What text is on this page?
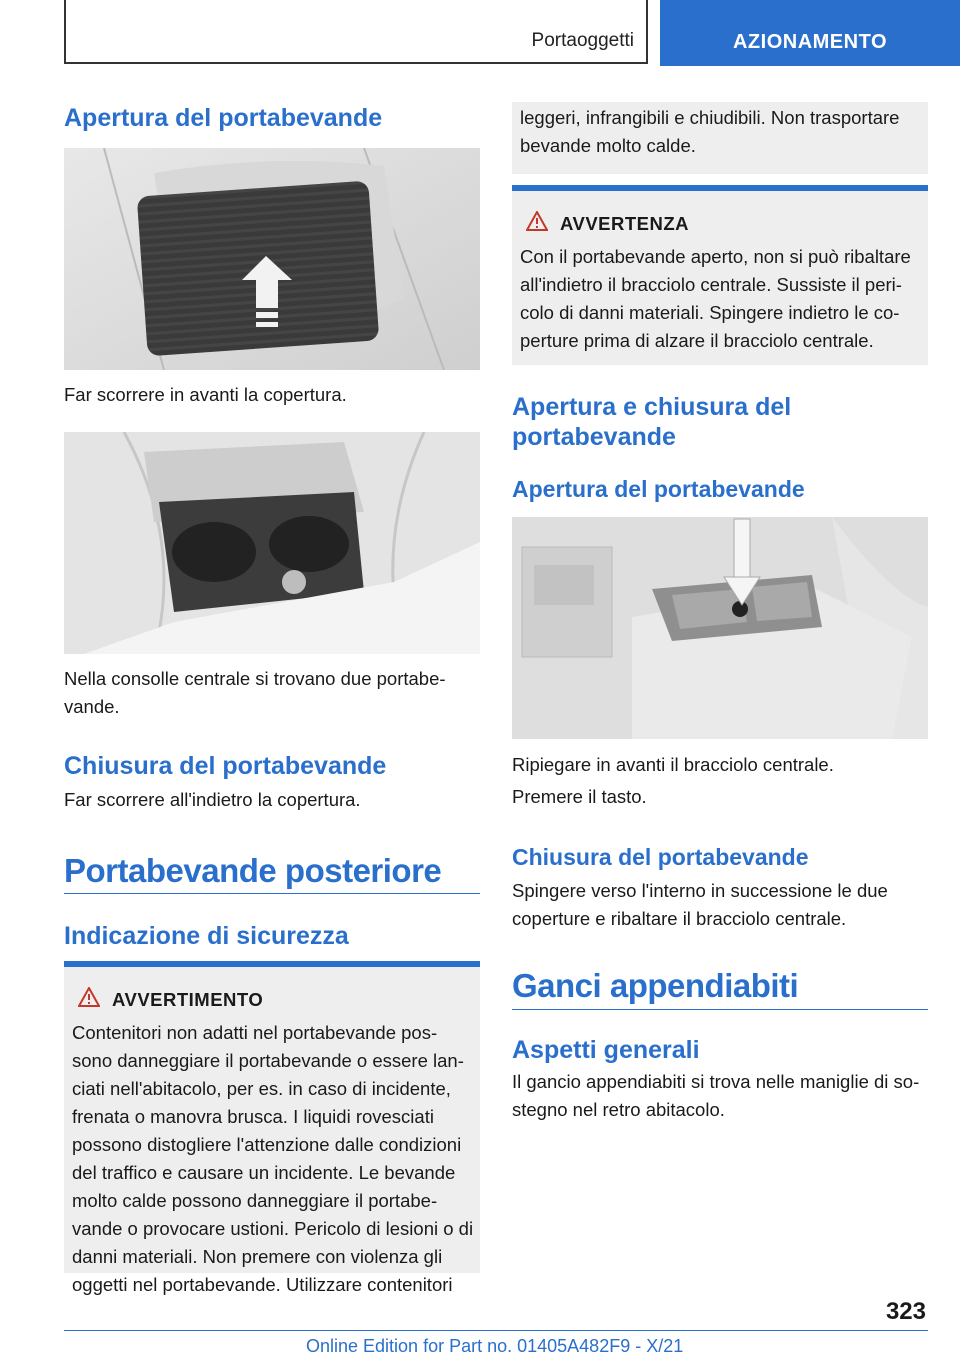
Portaoggetti	AZIONAMENTO
Apertura del portabevande

Far scorrere in avanti la copertura.

Nella consolle centrale si trovano due portabe-vande.

Chiusura del portabevande

Far scorrere all'indietro la copertura.

Portabevande posteriore
Indicazione di sicurezza
AVVERTIMENTO

Contenitori non adatti nel portabevande pos-sono danneggiare il portabevande o essere lan-ciati nell'abitacolo, per es. in caso di incidente, frenata o manovra brusca. I liquidi rovesciati possono distogliere l'attenzione dalle condizioni del traffico e causare un incidente. Le bevande molto calde possono danneggiare il portabe-vande o provocare ustioni. Pericolo di lesioni o di danni materiali. Non premere con violenza gli oggetti nel portabevande. Utilizzare contenitori

leggeri, infrangibili e chiudibili. Non trasportare bevande molto calde.

AVVERTENZA

Con il portabevande aperto, non si può ribaltare all'indietro il bracciolo centrale. Sussiste il peri-colo di danni materiali. Spingere indietro le co-perture prima di alzare il bracciolo centrale.

Apertura e chiusura del portabevande
Apertura del portabevande

Ripiegare in avanti il bracciolo centrale.

Premere il tasto.

Chiusura del portabevande

Spingere verso l'interno in successione le due coperture e ribaltare il bracciolo centrale.

Ganci appendiabiti
Aspetti generali

Il gancio appendiabiti si trova nelle maniglie di so-stegno nel retro abitacolo.

323
Online Edition for Part no. 01405A482F9 - X/21
